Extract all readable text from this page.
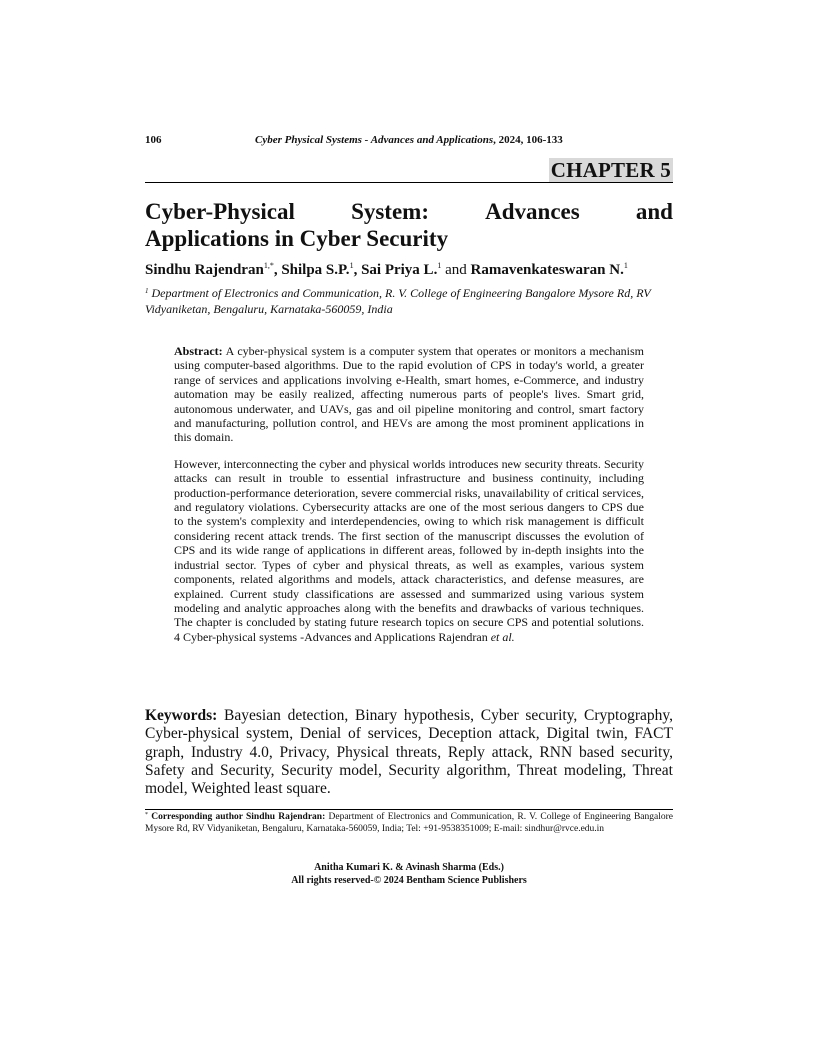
106	Cyber Physical Systems - Advances and Applications, 2024, 106-133
CHAPTER 5
Cyber-Physical System: Advances and
Applications in Cyber Security
Sindhu Rajendran$^{1,*}$, Shilpa S.P.$^1$, Sai Priya L.$^1$ and Ramavenkateswaran N.$^1$
$^1$ Department of Electronics and Communication, R. V. College of Engineering Bangalore Mysore Rd, RV Vidyaniketan, Bengaluru, Karnataka-560059, India

Abstract: A cyber-physical system is a computer system that operates or monitors a mechanism using computer-based algorithms. Due to the rapid evolution of CPS in today's world, a greater range of services and applications involving e-Health, smart homes, e-Commerce, and industry automation may be easily realized, affecting numerous parts of people's lives. Smart grid, autonomous underwater, and UAVs, gas and oil pipeline monitoring and control, smart factory and manufacturing, pollution control, and HEVs are among the most prominent applications in this domain.

However, interconnecting the cyber and physical worlds introduces new security threats. Security attacks can result in trouble to essential infrastructure and business continuity, including production-performance deterioration, severe commercial risks, unavailability of critical services, and regulatory violations. Cybersecurity attacks are one of the most serious dangers to CPS due to the system's complexity and interdependencies, owing to which risk management is difficult considering recent attack trends. The first section of the manuscript discusses the evolution of CPS and its wide range of applications in different areas, followed by in-depth insights into the industrial sector. Types of cyber and physical threats, as well as examples, various system components, related algorithms and models, attack characteristics, and defense measures, are explained. Current study classifications are assessed and summarized using various system modeling and analytic approaches along with the benefits and drawbacks of various techniques. The chapter is concluded by stating future research topics on secure CPS and potential solutions. 4 Cyber-physical systems -Advances and Applications Rajendran et al.

Keywords: Bayesian detection, Binary hypothesis, Cyber security, Cryptography, Cyber-physical system, Denial of services, Deception attack, Digital twin, FACT graph, Industry 4.0, Privacy, Physical threats, Reply attack, RNN based security, Safety and Security, Security model, Security algorithm, Threat modeling, Threat model, Weighted least square.
* Corresponding author Sindhu Rajendran: Department of Electronics and Communication, R. V. College of Engineering Bangalore Mysore Rd, RV Vidyaniketan, Bengaluru, Karnataka-560059, India; Tel: +91-9538351009; E-mail: sindhur@rvce.edu.in
Anitha Kumari K. & Avinash Sharma (Eds.)
All rights reserved-© 2024 Bentham Science Publishers
